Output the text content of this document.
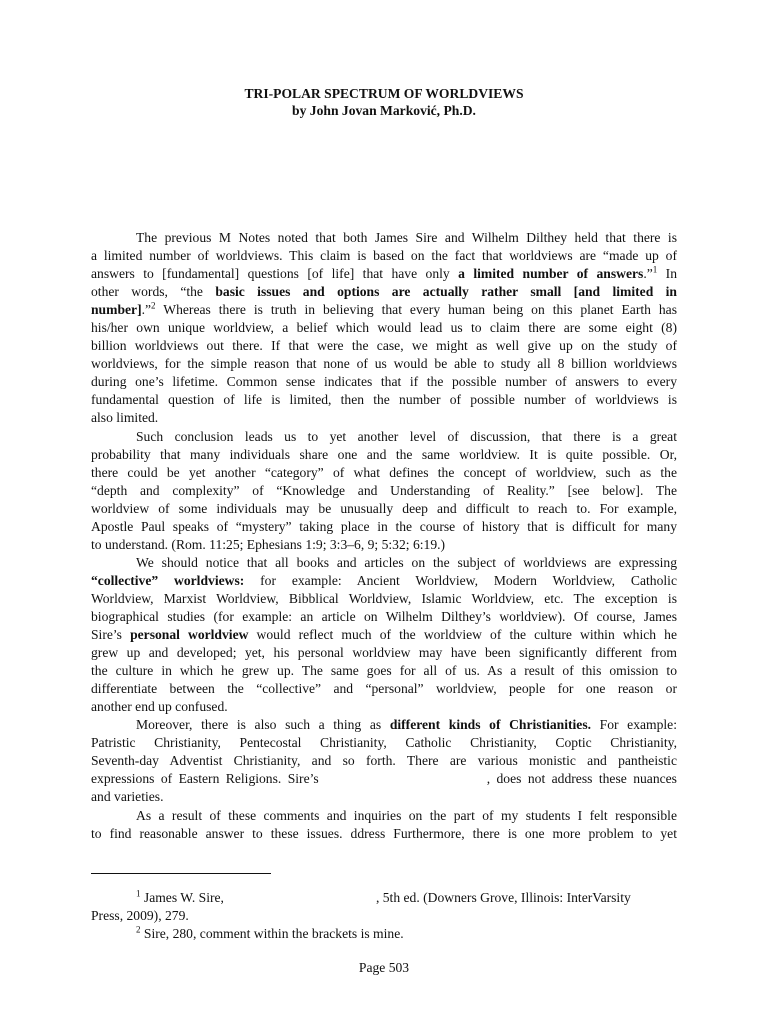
TRI-POLAR SPECTRUM OF WORLDVIEWS
by John Jovan Marković, Ph.D.
The previous M Notes noted that both James Sire and Wilhelm Dilthey held that there is
a limited number of worldviews. This claim is based on the fact that worldviews are “made up of
answers to [fundamental] questions [of life] that have only a limited number of answers.”$^1$ In
other words, “the basic issues and options are actually rather small [and limited in
number].”$^2$ Whereas there is truth in believing that every human being on this planet Earth has
his/her own unique worldview, a belief which would lead us to claim there are some eight (8)
billion worldviews out there. If that were the case, we might as well give up on the study of
worldviews, for the simple reason that none of us would be able to study all 8 billion worldviews
during one’s lifetime. Common sense indicates that if the possible number of answers to every
fundamental question of life is limited, then the number of possible number of worldviews is
also limited.
Such conclusion leads us to yet another level of discussion, that there is a great
probability that many individuals share one and the same worldview. It is quite possible. Or,
there could be yet another “category” of what defines the concept of worldview, such as the
“depth and complexity” of “Knowledge and Understanding of Reality.” [see below]. The
worldview of some individuals may be unusually deep and difficult to reach to. For example,
Apostle Paul speaks of “mystery” taking place in the course of history that is difficult for many
to understand. (Rom. 11:25; Ephesians 1:9; 3:3–6, 9; 5:32; 6:19.)
We should notice that all books and articles on the subject of worldviews are expressing
“collective” worldviews: for example: Ancient Worldview, Modern Worldview, Catholic
Worldview, Marxist Worldview, Bibblical Worldview, Islamic Worldview, etc. The exception is
biographical studies (for example: an article on Wilhelm Dilthey’s worldview). Of course, James
Sire’s personal worldview would reflect much of the worldview of the culture within which he
grew up and developed; yet, his personal worldview may have been significantly different from
the culture in which he grew up. The same goes for all of us. As a result of this omission to
differentiate between the “collective” and “personal” worldview, people for one reason or
another end up confused.
Moreover, there is also such a thing as different kinds of Christianities. For example:
Patristic Christianity, Pentecostal Christianity, Catholic Christianity, Coptic Christianity,
Seventh-day Adventist Christianity, and so forth. There are various monistic and pantheistic
expressions of Eastern Religions. Sire’s	, does not address these nuances
and varieties.
As a result of these comments and inquiries on the part of my students I felt responsible
to find reasonable answer to these issues. ddress Furthermore, there is one more problem to yet
$^1$ James W. Sire,	, 5th ed. (Downers Grove, Illinois: InterVarsity
Press, 2009), 279.
$^2$ Sire, 280, comment within the brackets is mine.
Page 503
